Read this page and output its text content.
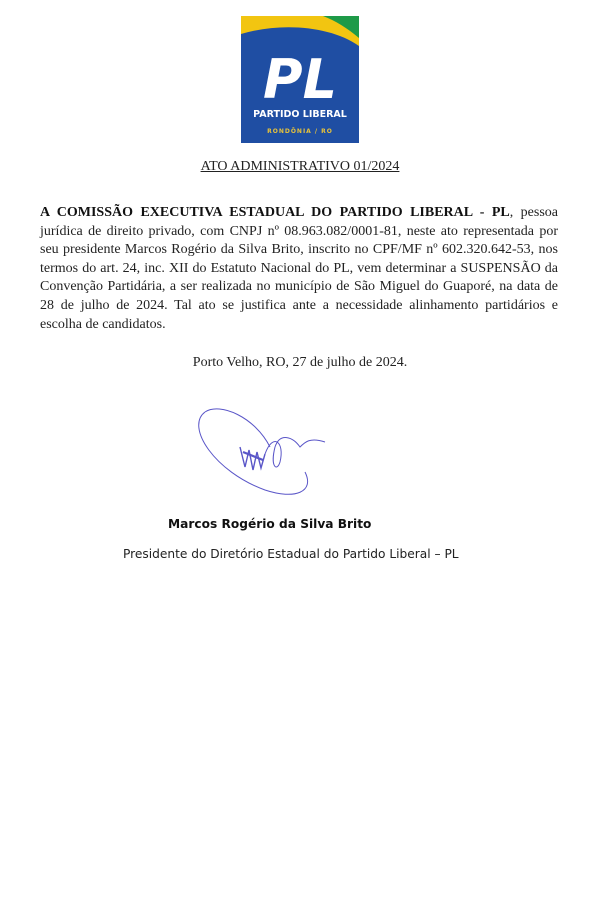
PL
PARTIDO LIBERAL
RONDÔNIA / RO
ATO ADMINISTRATIVO 01/2024

A COMISSÃO EXECUTIVA ESTADUAL DO PARTIDO LIBERAL - PL, pessoa jurídica de direito privado, com CNPJ nº 08.963.082/0001-81, neste ato representada por seu presidente Marcos Rogério da Silva Brito, inscrito no CPF/MF nº 602.320.642-53, nos termos do art. 24, inc. XII do Estatuto Nacional do PL, vem determinar a SUSPENSÃO da Convenção Partidária, a ser realizada no município de São Miguel do Guaporé, na data de 28 de julho de 2024. Tal ato se justifica ante a necessidade alinhamento partidários e escolha de candidatos.

Porto Velho, RO, 27 de julho de 2024.
Marcos Rogério da Silva Brito
Presidente do Diretório Estadual do Partido Liberal – PL
